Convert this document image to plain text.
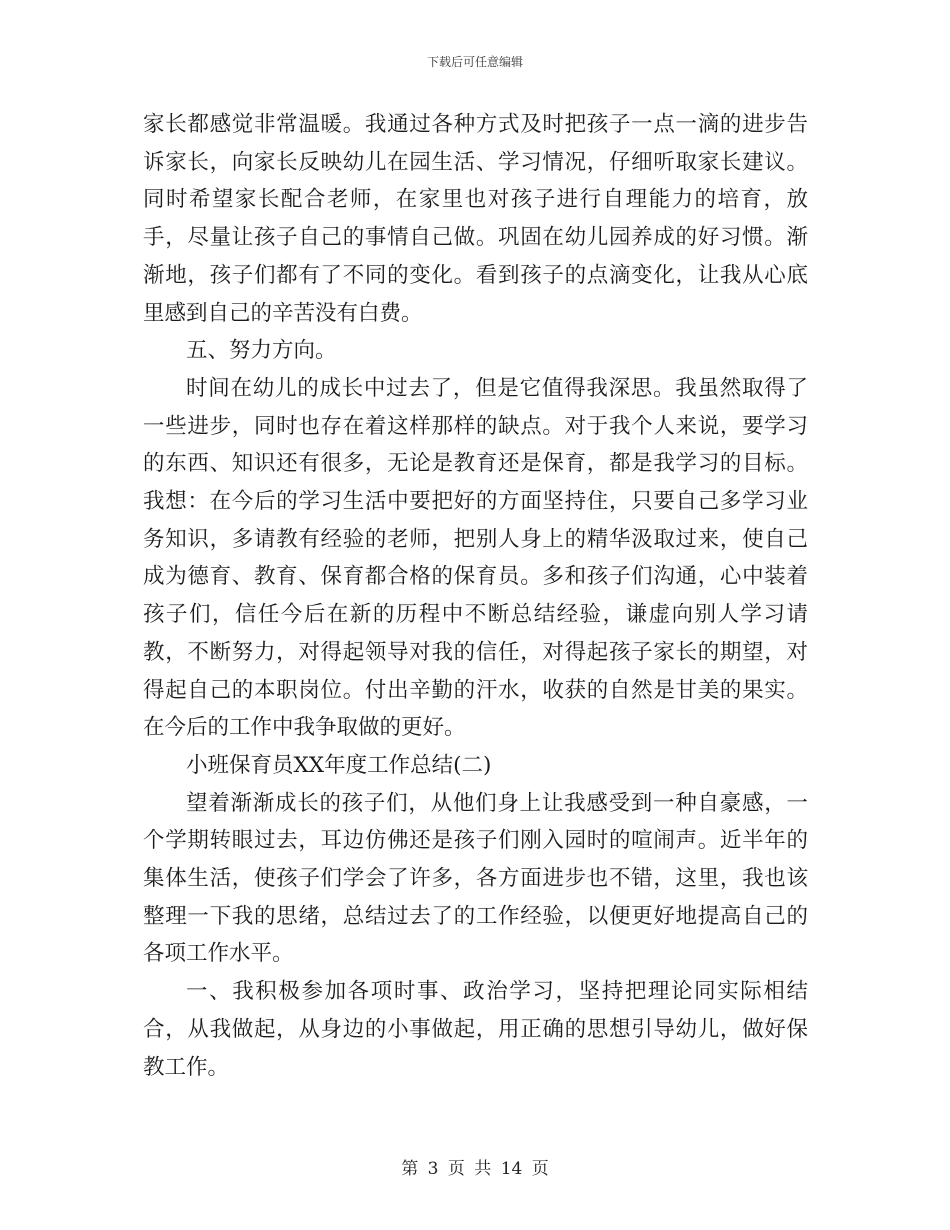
下载后可任意编辑

家长都感觉非常温暖。我通过各种方式及时把孩子一点一滴的进步告诉家长，向家长反映幼儿在园生活、学习情况，仔细听取家长建议。同时希望家长配合老师，在家里也对孩子进行自理能力的培育，放手，尽量让孩子自己的事情自己做。巩固在幼儿园养成的好习惯。渐渐地，孩子们都有了不同的变化。看到孩子的点滴变化，让我从心底里感到自己的辛苦没有白费。

五、努力方向。

时间在幼儿的成长中过去了，但是它值得我深思。我虽然取得了一些进步，同时也存在着这样那样的缺点。对于我个人来说，要学习的东西、知识还有很多，无论是教育还是保育，都是我学习的目标。我想：在今后的学习生活中要把好的方面坚持住，只要自己多学习业务知识，多请教有经验的老师，把别人身上的精华汲取过来，使自己成为德育、教育、保育都合格的保育员。多和孩子们沟通，心中装着孩子们，信任今后在新的历程中不断总结经验，谦虚向别人学习请教，不断努力，对得起领导对我的信任，对得起孩子家长的期望，对得起自己的本职岗位。付出辛勤的汗水，收获的自然是甘美的果实。在今后的工作中我争取做的更好。

小班保育员XX年度工作总结(二)

望着渐渐成长的孩子们，从他们身上让我感受到一种自豪感，一个学期转眼过去，耳边仿佛还是孩子们刚入园时的喧闹声。近半年的集体生活，使孩子们学会了许多，各方面进步也不错，这里，我也该整理一下我的思绪，总结过去了的工作经验，以便更好地提高自己的各项工作水平。

一、我积极参加各项时事、政治学习，坚持把理论同实际相结合，从我做起，从身边的小事做起，用正确的思想引导幼儿，做好保教工作。

第 3 页 共 14 页
